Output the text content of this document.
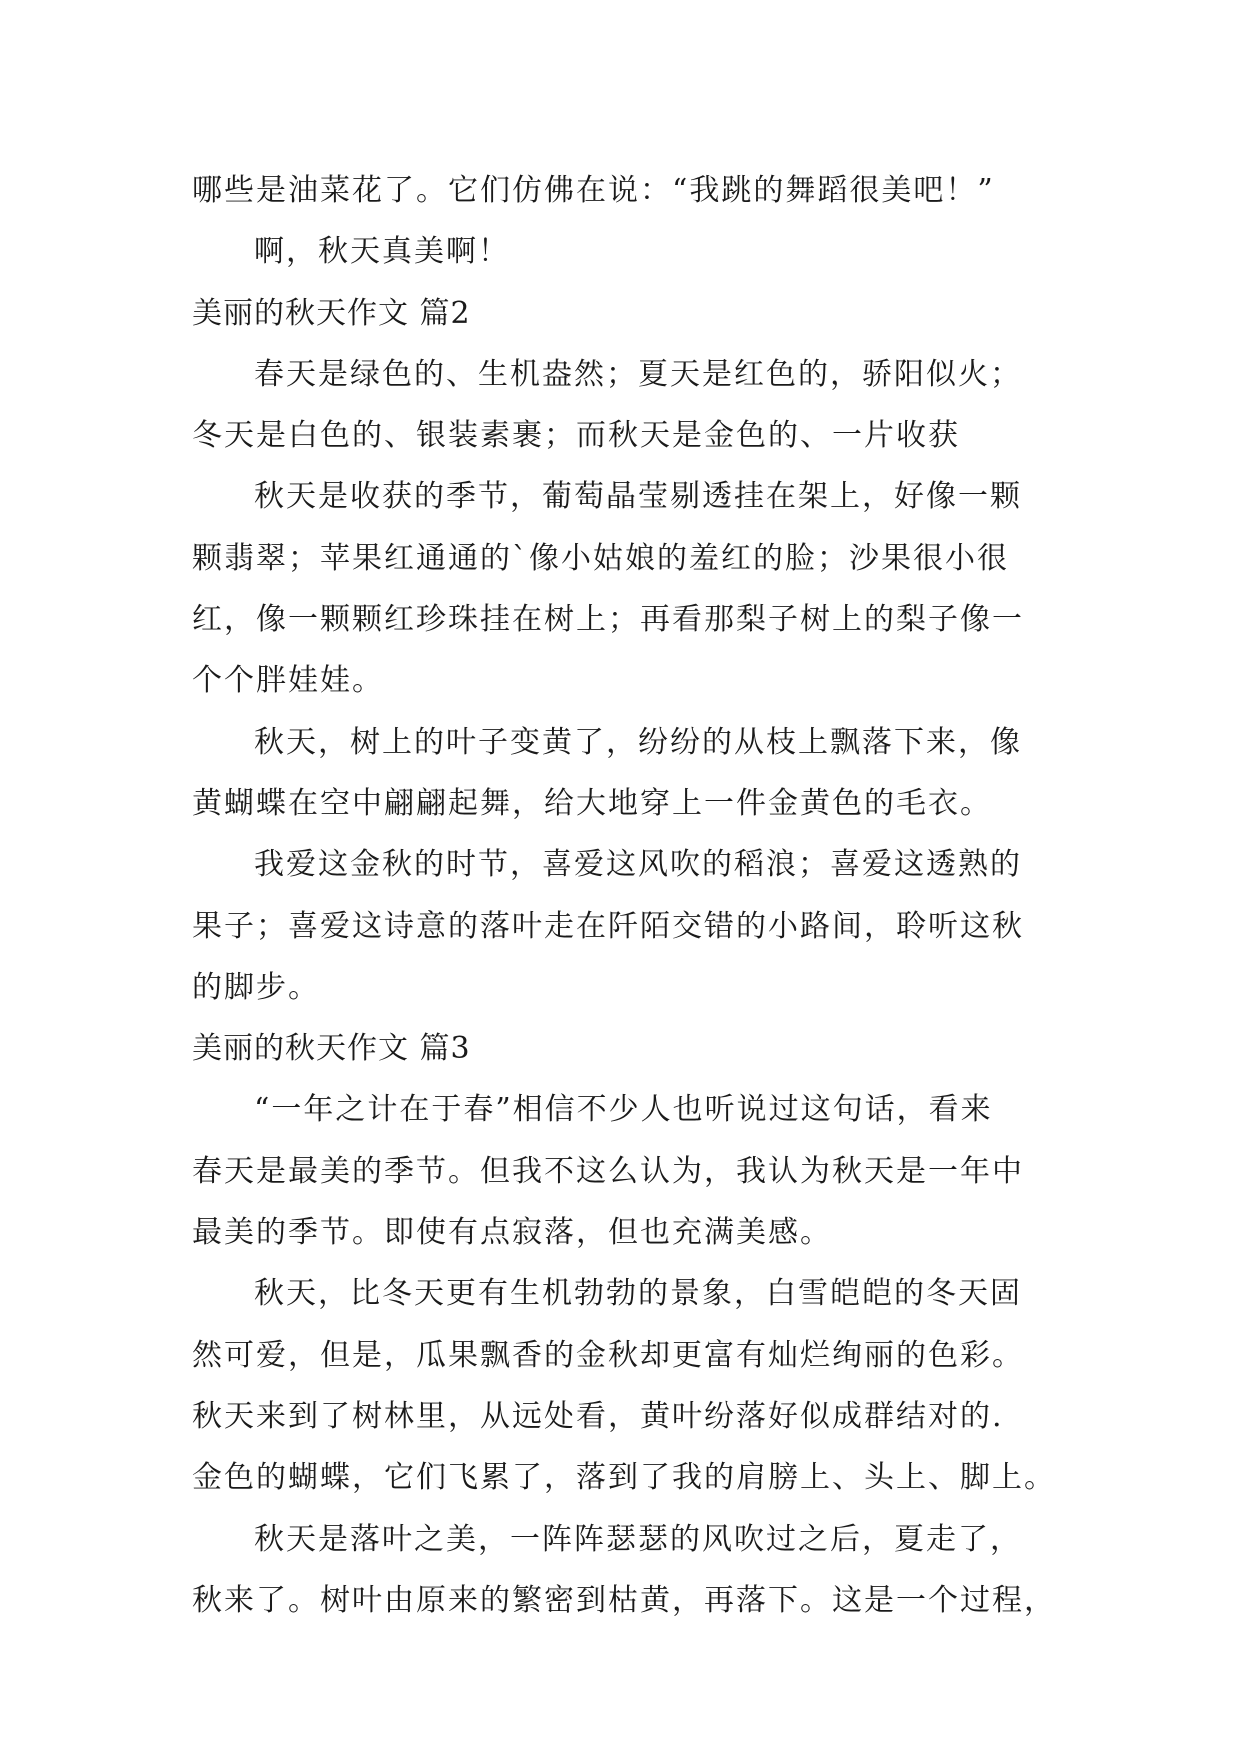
哪些是油菜花了。它们仿佛在说：“我跳的舞蹈很美吧！”
啊，秋天真美啊！
美丽的秋天作文 篇2
春天是绿色的、生机盎然；夏天是红色的，骄阳似火；
冬天是白色的、银装素裹；而秋天是金色的、一片收获
秋天是收获的季节，葡萄晶莹剔透挂在架上，好像一颗
颗翡翠；苹果红通通的`像小姑娘的羞红的脸；沙果很小很
红，像一颗颗红珍珠挂在树上；再看那梨子树上的梨子像一
个个胖娃娃。
秋天，树上的叶子变黄了，纷纷的从枝上飘落下来，像
黄蝴蝶在空中翩翩起舞，给大地穿上一件金黄色的毛衣。
我爱这金秋的时节，喜爱这风吹的稻浪；喜爱这透熟的
果子；喜爱这诗意的落叶走在阡陌交错的小路间，聆听这秋
的脚步。
美丽的秋天作文 篇3
“一年之计在于春”相信不少人也听说过这句话，看来
春天是最美的季节。但我不这么认为，我认为秋天是一年中
最美的季节。即使有点寂落，但也充满美感。
秋天，比冬天更有生机勃勃的景象，白雪皑皑的冬天固
然可爱，但是，瓜果飘香的金秋却更富有灿烂绚丽的色彩。
秋天来到了树林里，从远处看，黄叶纷落好似成群结对的.
金色的蝴蝶，它们飞累了，落到了我的肩膀上、头上、脚上。
秋天是落叶之美，一阵阵瑟瑟的风吹过之后，夏走了，
秋来了。树叶由原来的繁密到枯黄，再落下。这是一个过程，
